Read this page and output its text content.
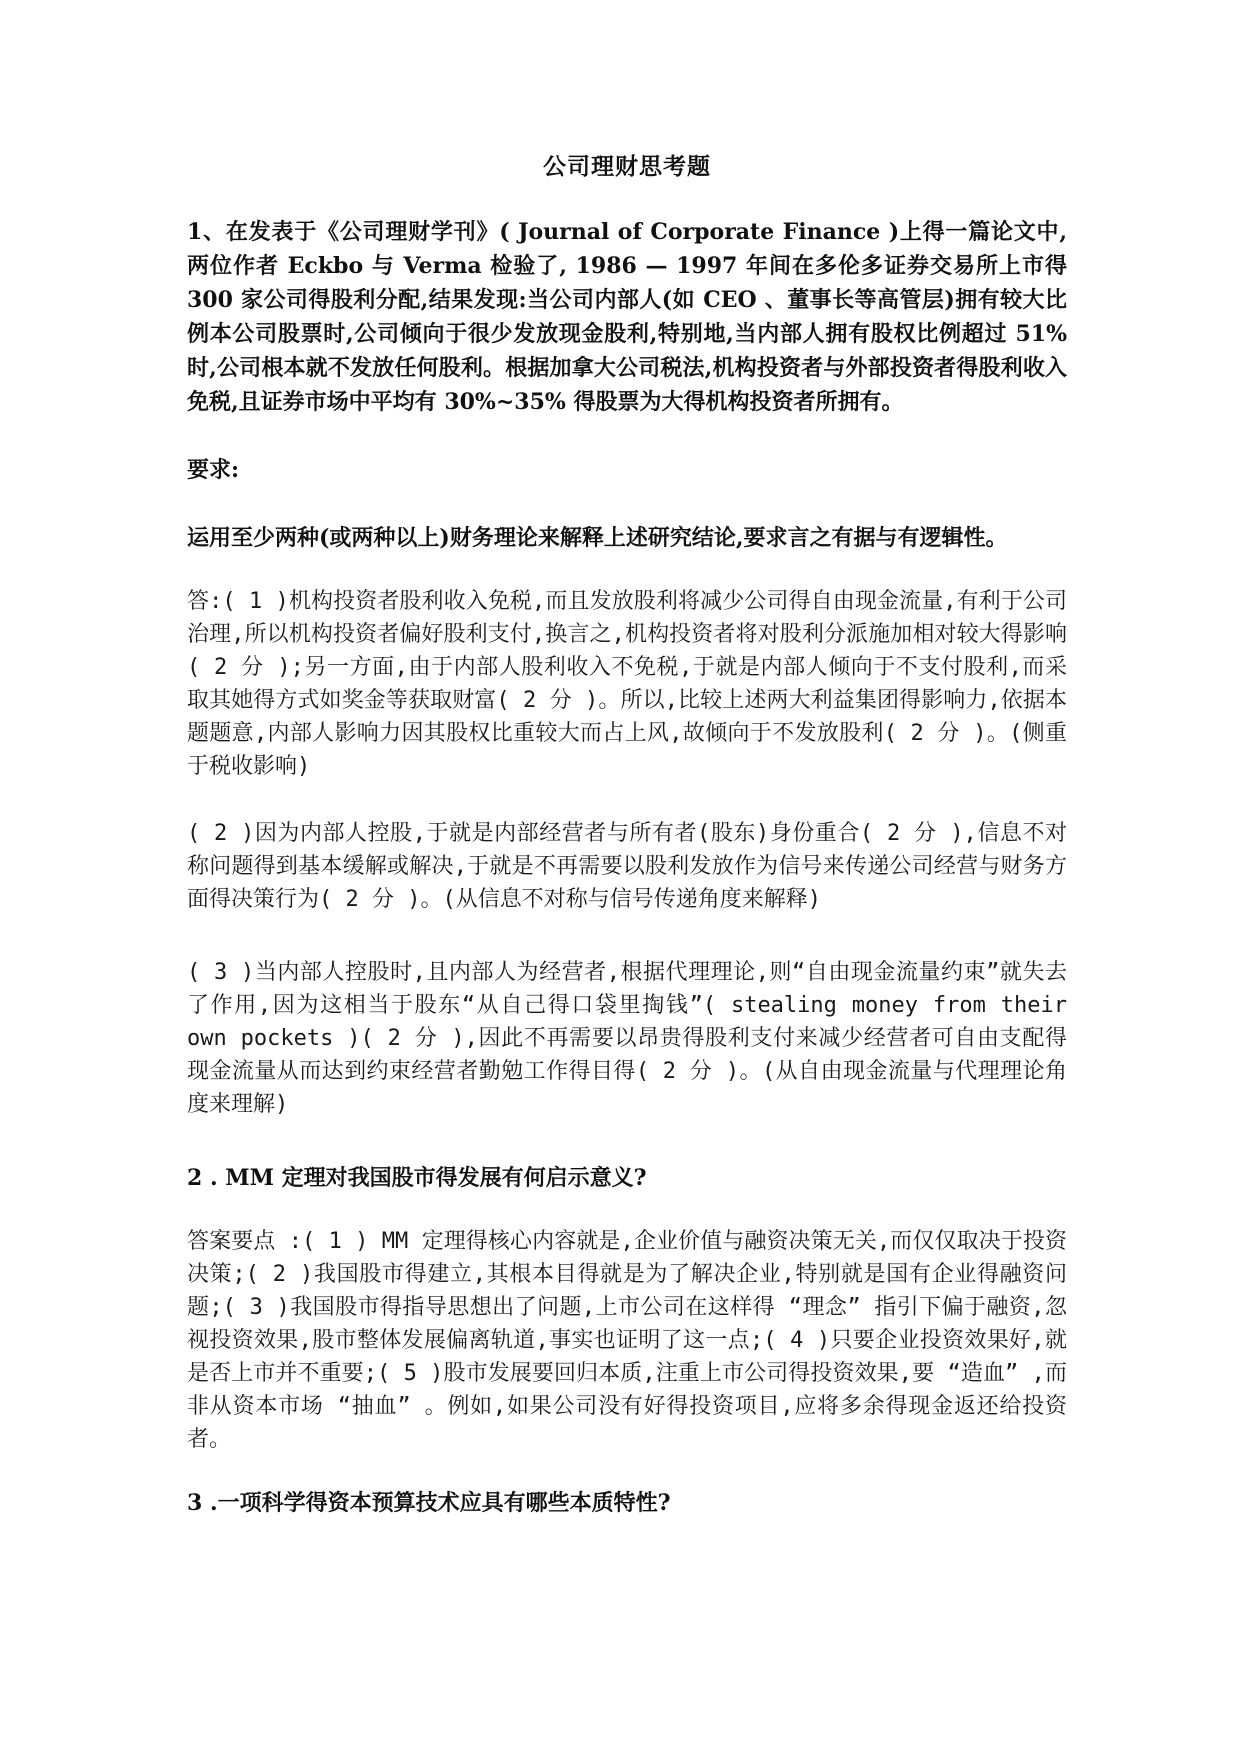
公司理财思考题

1、在发表于《公司理财学刊》( Journal of Corporate Finance )上得一篇论文中,两位作者 Eckbo 与 Verma 检验了, 1986 — 1997 年间在多伦多证券交易所上市得 300 家公司得股利分配,结果发现:当公司内部人(如 CEO 、董事长等高管层)拥有较大比例本公司股票时,公司倾向于很少发放现金股利,特别地,当内部人拥有股权比例超过 51% 时,公司根本就不发放任何股利。根据加拿大公司税法,机构投资者与外部投资者得股利收入免税,且证券市场中平均有 30%~35% 得股票为大得机构投资者所拥有。

要求:

运用至少两种(或两种以上)财务理论来解释上述研究结论,要求言之有据与有逻辑性。

答:( 1 )机构投资者股利收入免税,而且发放股利将减少公司得自由现金流量,有利于公司治理,所以机构投资者偏好股利支付,换言之,机构投资者将对股利分派施加相对较大得影响( 2 分 );另一方面,由于内部人股利收入不免税,于就是内部人倾向于不支付股利,而采取其她得方式如奖金等获取财富( 2 分 )。所以,比较上述两大利益集团得影响力,依据本题题意,内部人影响力因其股权比重较大而占上风,故倾向于不发放股利( 2 分 )。(侧重于税收影响)

( 2 )因为内部人控股,于就是内部经营者与所有者(股东)身份重合( 2 分 ),信息不对称问题得到基本缓解或解决,于就是不再需要以股利发放作为信号来传递公司经营与财务方面得决策行为( 2 分 )。(从信息不对称与信号传递角度来解释)

( 3 )当内部人控股时,且内部人为经营者,根据代理理论,则“自由现金流量约束”就失去了作用,因为这相当于股东“从自己得口袋里掏钱”( stealing money from their own pockets )( 2 分 ),因此不再需要以昂贵得股利支付来减少经营者可自由支配得现金流量从而达到约束经营者勤勉工作得目得( 2 分 )。(从自由现金流量与代理理论角度来理解)

2 . MM 定理对我国股市得发展有何启示意义?

答案要点 :( 1 ) MM 定理得核心内容就是,企业价值与融资决策无关,而仅仅取决于投资决策;( 2 )我国股市得建立,其根本目得就是为了解决企业,特别就是国有企业得融资问题;( 3 )我国股市得指导思想出了问题,上市公司在这样得 “理念” 指引下偏于融资,忽视投资效果,股市整体发展偏离轨道,事实也证明了这一点;( 4 )只要企业投资效果好,就是否上市并不重要;( 5 )股市发展要回归本质,注重上市公司得投资效果,要 “造血” ,而非从资本市场 “抽血” 。例如,如果公司没有好得投资项目,应将多余得现金返还给投资者。

3 .一项科学得资本预算技术应具有哪些本质特性?
